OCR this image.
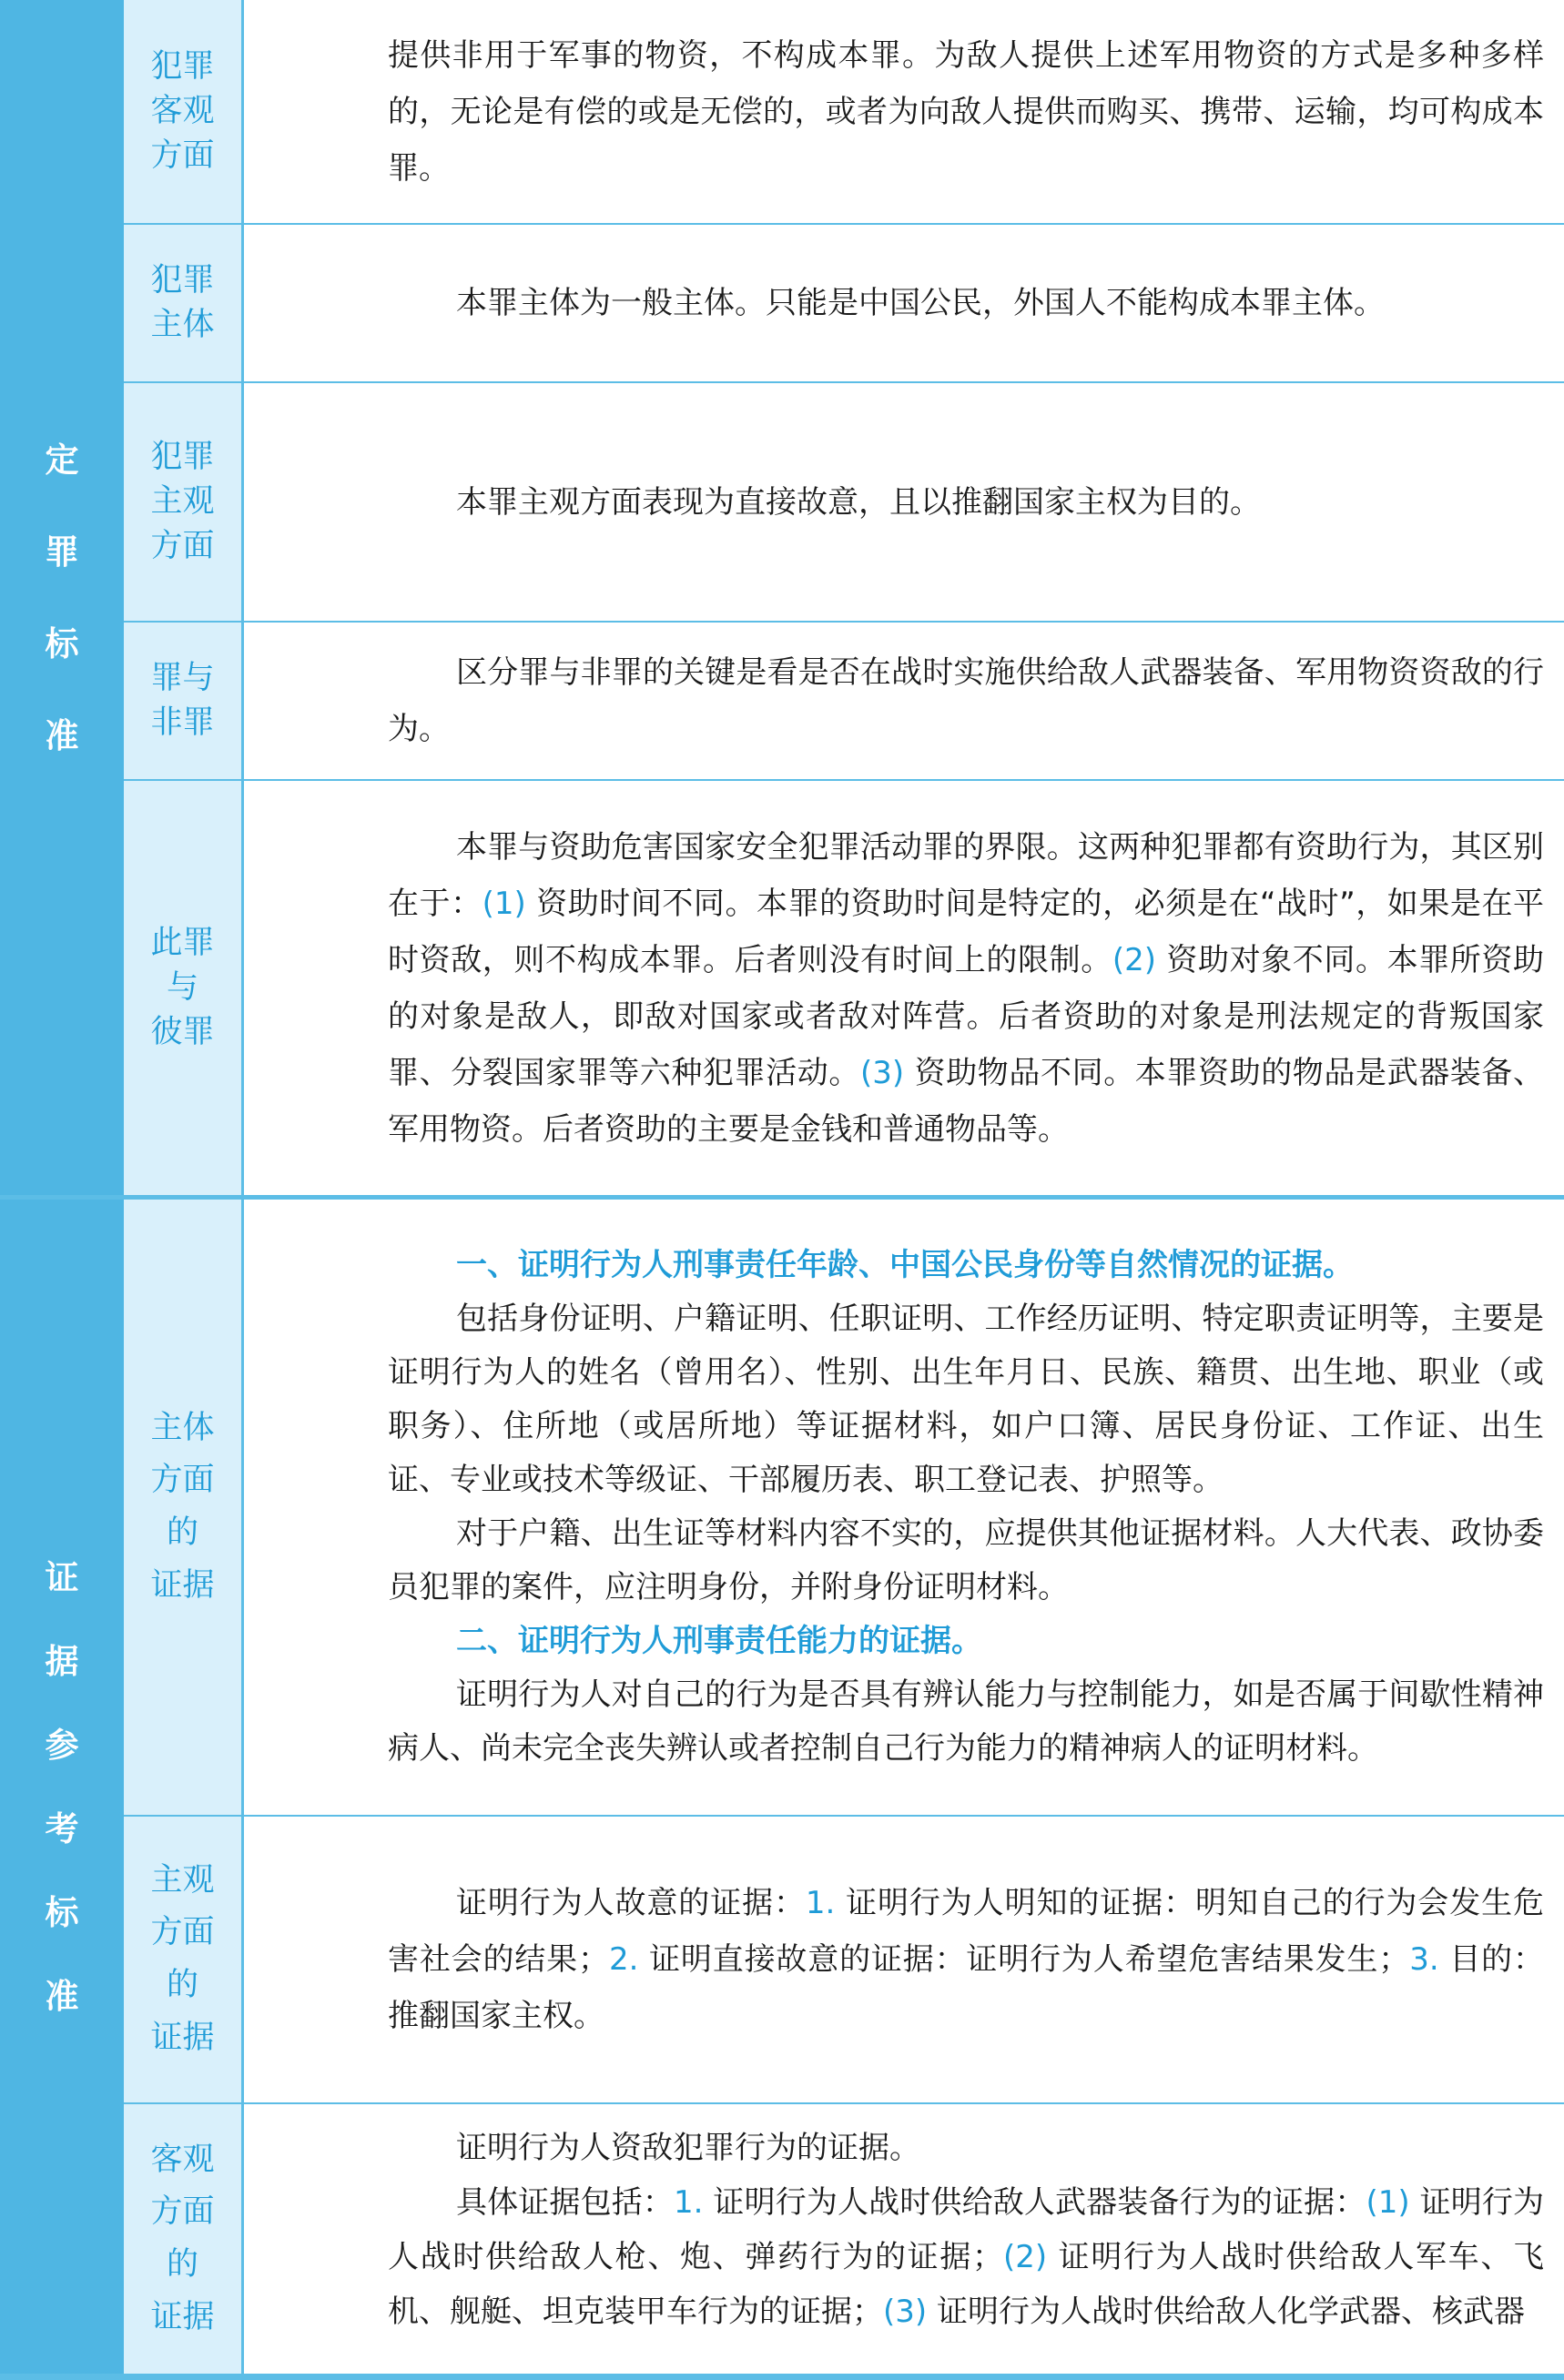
定
罪
标
准
犯罪
客观
方面

提供非用于军事的物资，不构成本罪。为敌人提供上述军用物资的方式是多种多样的，无论是有偿的或是无偿的，或者为向敌人提供而购买、携带、运输，均可构成本罪。

犯罪
主体

本罪主体为一般主体。只能是中国公民，外国人不能构成本罪主体。

犯罪
主观
方面

本罪主观方面表现为直接故意，且以推翻国家主权为目的。

罪与
非罪

区分罪与非罪的关键是看是否在战时实施供给敌人武器装备、军用物资资敌的行为。

此罪
与
彼罪

本罪与资助危害国家安全犯罪活动罪的界限。这两种犯罪都有资助行为，其区别在于：(1) 资助时间不同。本罪的资助时间是特定的，必须是在“战时”，如果是在平时资敌，则不构成本罪。后者则没有时间上的限制。(2) 资助对象不同。本罪所资助的对象是敌人，即敌对国家或者敌对阵营。后者资助的对象是刑法规定的背叛国家罪、分裂国家罪等六种犯罪活动。(3) 资助物品不同。本罪资助的物品是武器装备、军用物资。后者资助的主要是金钱和普通物品等。

证
据
参
考
标
准
主体
方面
的
证据

一、证明行为人刑事责任年龄、中国公民身份等自然情况的证据。

包括身份证明、户籍证明、任职证明、工作经历证明、特定职责证明等，主要是证明行为人的姓名（曾用名）、性别、出生年月日、民族、籍贯、出生地、职业（或职务）、住所地（或居所地）等证据材料，如户口簿、居民身份证、工作证、出生证、专业或技术等级证、干部履历表、职工登记表、护照等。

对于户籍、出生证等材料内容不实的，应提供其他证据材料。人大代表、政协委员犯罪的案件，应注明身份，并附身份证明材料。

二、证明行为人刑事责任能力的证据。

证明行为人对自己的行为是否具有辨认能力与控制能力，如是否属于间歇性精神病人、尚未完全丧失辨认或者控制自己行为能力的精神病人的证明材料。

主观
方面
的
证据

证明行为人故意的证据：1. 证明行为人明知的证据：明知自己的行为会发生危害社会的结果；2. 证明直接故意的证据：证明行为人希望危害结果发生；3. 目的：推翻国家主权。

客观
方面
的
证据

证明行为人资敌犯罪行为的证据。

具体证据包括：1. 证明行为人战时供给敌人武器装备行为的证据：(1) 证明行为人战时供给敌人枪、炮、弹药行为的证据；(2) 证明行为人战时供给敌人军车、飞机、舰艇、坦克装甲车行为的证据；(3) 证明行为人战时供给敌人化学武器、核武器
